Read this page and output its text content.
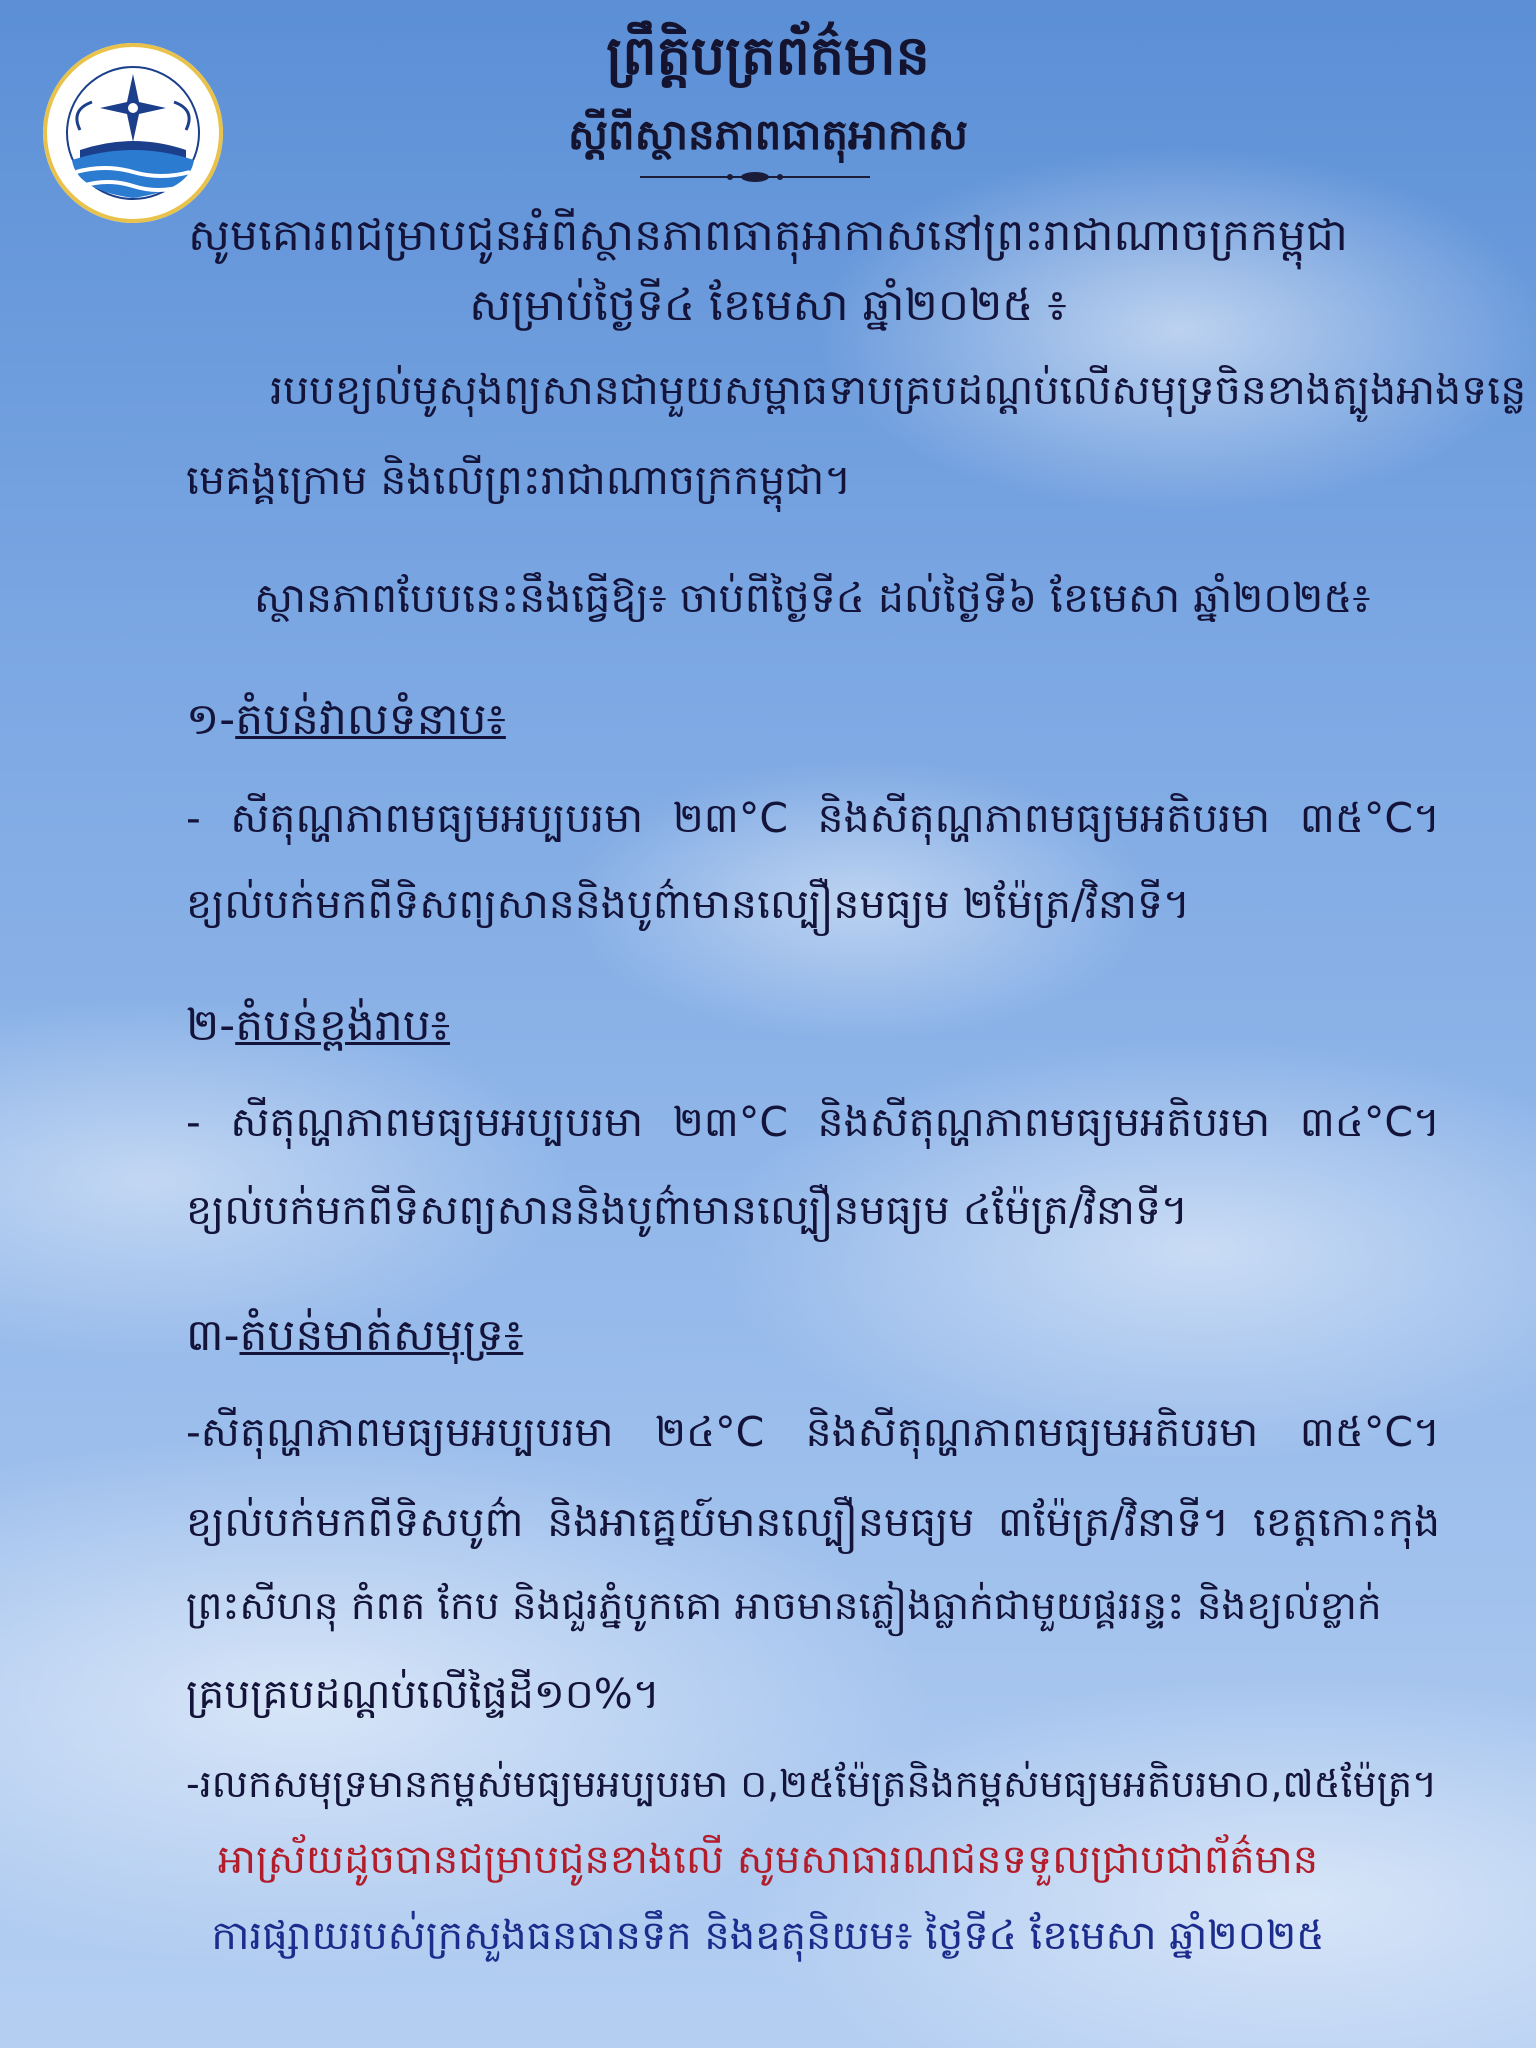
ព្រឹត្តិបត្រព័ត៌មាន
ស្ដីពីស្ថានភាពធាតុអាកាស
សូមគោរពជម្រាបជូនអំពីស្ថានភាពធាតុអាកាសនៅព្រះរាជាណាចក្រកម្ពុជា
សម្រាប់ថ្ងៃទី៤ ខែមេសា ឆ្នាំ២០២៥ ៖
របបខ្យល់មូសុងព្យសានជាមួយសម្ពាធទាបគ្របដណ្តប់លើសមុទ្រចិនខាងត្បូង អាងទន្លេ
មេគង្គក្រោម និងលើព្រះរាជាណាចក្រកម្ពុជា។
ស្ថានភាពបែបនេះនឹងធ្វើឱ្យ៖ ចាប់ពីថ្ងៃទី៤ ដល់ថ្ងៃទី៦ ខែមេសា ឆ្នាំ២០២៥៖
១-តំបន់វាលទំនាប៖
- សីតុណ្ហភាពមធ្យមអប្បបរមា ២៣°C និងសីតុណ្ហភាពមធ្យមអតិបរមា ៣៥°C។
ខ្យល់បក់មកពីទិសព្យសាននិងបូព៌ាមានល្បឿនមធ្យម ២ម៉ែត្រ/វិនាទី។
២-តំបន់ខ្ពង់រាប៖
- សីតុណ្ហភាពមធ្យមអប្បបរមា ២៣°C និងសីតុណ្ហភាពមធ្យមអតិបរមា ៣៤°C។
ខ្យល់បក់មកពីទិសព្យសាននិងបូព៌ាមានល្បឿនមធ្យម ៤ម៉ែត្រ/វិនាទី។
៣-តំបន់មាត់សមុទ្រ៖
-សីតុណ្ហភាពមធ្យមអប្បបរមា ២៤°C និងសីតុណ្ហភាពមធ្យមអតិបរមា ៣៥°C។
ខ្យល់បក់មកពីទិសបូព៌ា និងអាគ្នេយ៍មានល្បឿនមធ្យម ៣ម៉ែត្រ/វិនាទី។ ខេត្តកោះកុង
ព្រះសីហនុ កំពត កែប និងជួរភ្នំបូកគោ អាចមានភ្លៀងធ្លាក់ជាមួយផ្គររន្ទះ និងខ្យល់ខ្លាក់
គ្របគ្របដណ្តប់លើផ្ទៃដី១០%។
-រលកសមុទ្រមានកម្ពស់មធ្យមអប្បបរមា ០,២៥ម៉ែត្រនិងកម្ពស់មធ្យមអតិបរមា០,៧៥ម៉ែត្រ។
អាស្រ័យដូចបានជម្រាបជូនខាងលើ សូមសាធារណជនទទួលជ្រាបជាព័ត៌មាន
ការផ្សាយរបស់ក្រសួងធនធានទឹក និងឧតុនិយម៖ ថ្ងៃទី៤ ខែមេសា ឆ្នាំ២០២៥
